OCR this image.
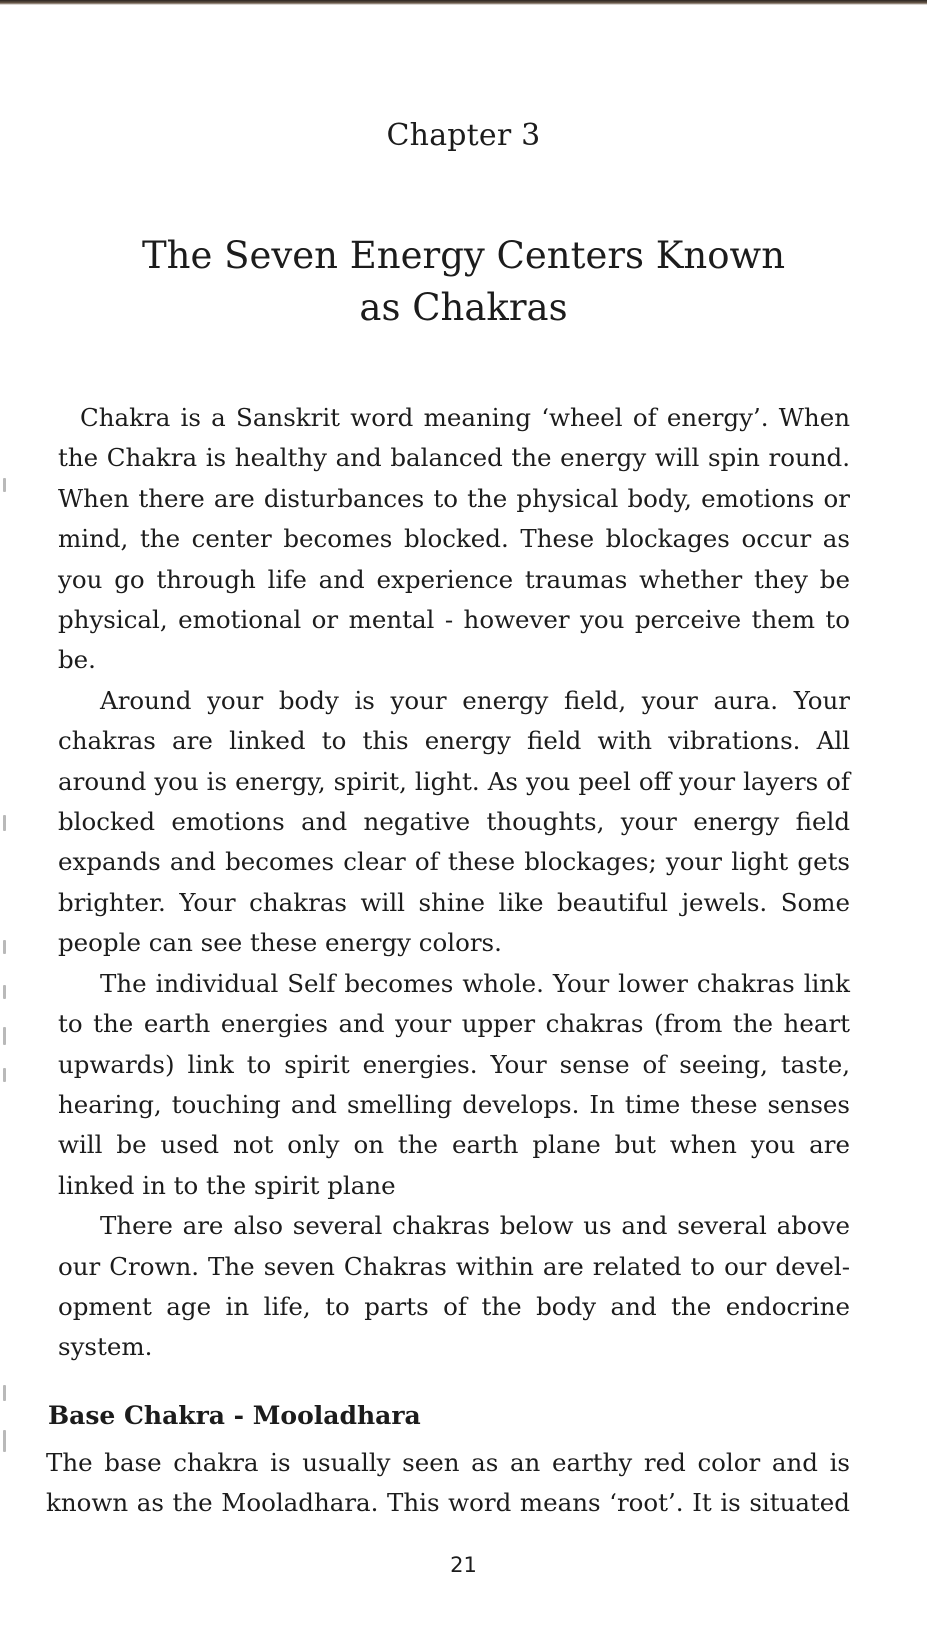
Chapter 3
The Seven Energy Centers Known
as Chakras

Chakra is a Sanskrit word meaning ‘wheel of energy’. When the Chakra is healthy and balanced the energy will spin round. When there are disturbances to the physical body, emotions or mind, the center becomes blocked. These blockages occur as you go through life and experience traumas whether they be physical, emotional or mental - however you perceive them to be.

Around your body is your energy field, your aura. Your chakras are linked to this energy field with vibrations. All around you is energy, spirit, light. As you peel off your layers of blocked emotions and negative thoughts, your energy field expands and becomes clear of these blockages; your light gets brighter. Your chakras will shine like beautiful jewels. Some people can see these energy colors.

The individual Self becomes whole. Your lower chakras link to the earth energies and your upper chakras (from the heart upwards) link to spirit energies. Your sense of seeing, taste, hearing, touching and smelling develops. In time these senses will be used not only on the earth plane but when you are linked in to the spirit plane

There are also several chakras below us and several above our Crown. The seven Chakras within are related to our devel-opment age in life, to parts of the body and the endocrine system.

Base Chakra - Mooladhara

The base chakra is usually seen as an earthy red color and is known as the Mooladhara. This word means ‘root’. It is situated

21
